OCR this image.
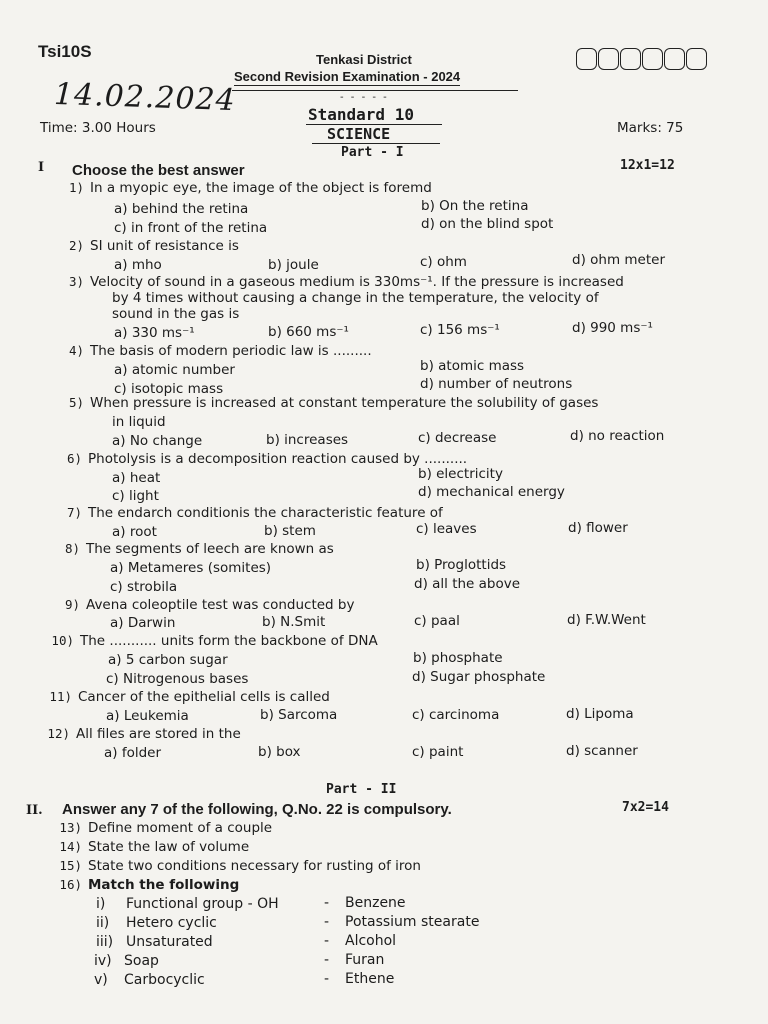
Tsi10S	Tenkasi District
Second Revision Examination - 2024
- - - - -
14.02.2024	Standard 10
SCIENCE
Time: 3.00 Hours	Marks: 75
Part - I
I Choose the best answer	12x1=12
1) In a myopic eye, the image of the object is foremd
a) behind the retina	b) On the retina
c) in front of the retina	d) on the blind spot
2) SI unit of resistance is
a) mho	b) joule	c) ohm	d) ohm meter
3) Velocity of sound in a gaseous medium is 330ms⁻¹. If the pressure is increased
by 4 times without causing a change in the temperature, the velocity of
sound in the gas is
a) 330 ms⁻¹	b) 660 ms⁻¹	c) 156 ms⁻¹	d) 990 ms⁻¹
4) The basis of modern periodic law is .........
a) atomic number	b) atomic mass
c) isotopic mass	d) number of neutrons
5) When pressure is increased at constant temperature the solubility of gases
in liquid
a) No change	b) increases	c) decrease	d) no reaction
6) Photolysis is a decomposition reaction caused by ..........
a) heat	b) electricity
c) light	d) mechanical energy
7) The endarch conditionis the characteristic feature of
a) root	b) stem	c) leaves	d) flower
8) The segments of leech are known as
a) Metameres (somites)	b) Proglottids
c) strobila	d) all the above
9) Avena coleoptile test was conducted by
a) Darwin	b) N.Smit	c) paal	d) F.W.Went
10) The ........... units form the backbone of DNA
a) 5 carbon sugar	b) phosphate
c) Nitrogenous bases	d) Sugar phosphate
11) Cancer of the epithelial cells is called
a) Leukemia	b) Sarcoma	c) carcinoma	d) Lipoma
12) All files are stored in the
a) folder	b) box	c) paint	d) scanner
Part - II
II. Answer any 7 of the following, Q.No. 22 is compulsory.	7x2=14
13) Define moment of a couple
14) State the law of volume
15) State two conditions necessary for rusting of iron
16) Match the following
i) Functional group - OH	- Benzene
ii) Hetero cyclic	- Potassium stearate
iii) Unsaturated	- Alcohol
iv) Soap	- Furan
v) Carbocyclic	- Ethene
